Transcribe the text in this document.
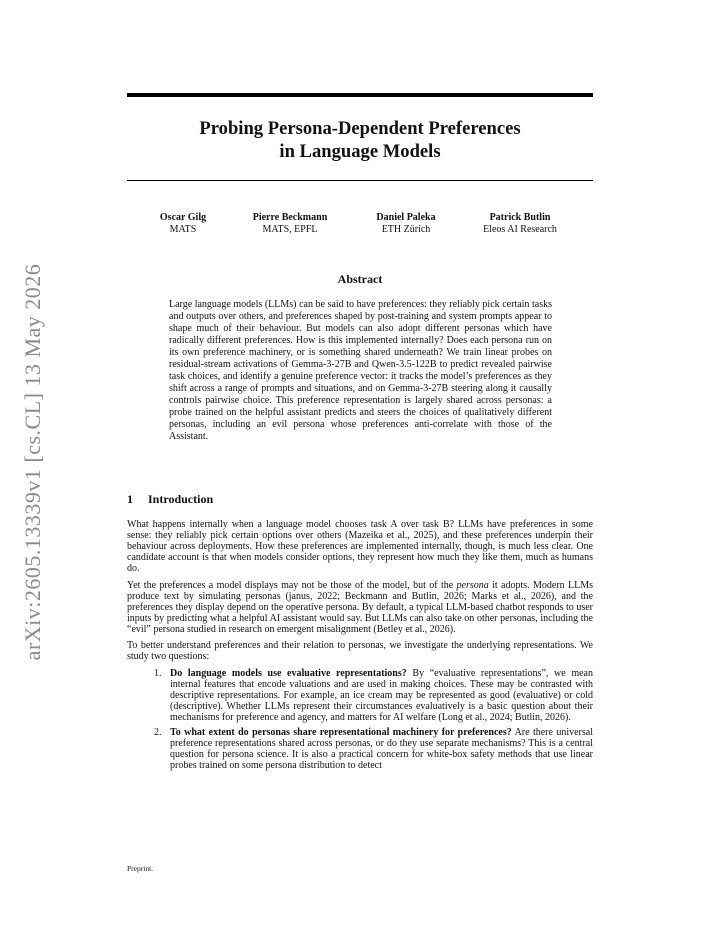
arXiv:2605.13339v1 [cs.CL] 13 May 2026
Probing Persona-Dependent Preferences
in Language Models
Oscar Gilg
MATS
Pierre Beckmann
MATS, EPFL
Daniel Paleka
ETH Zürich
Patrick Butlin
Eleos AI Research
Abstract

Large language models (LLMs) can be said to have preferences: they reliably pick certain tasks and outputs over others, and preferences shaped by post-training and system prompts appear to shape much of their behaviour. But models can also adopt different personas which have radically different preferences. How is this implemented internally? Does each persona run on its own preference machinery, or is something shared underneath? We train linear probes on residual-stream activations of Gemma-3-27B and Qwen-3.5-122B to predict revealed pairwise task choices, and identify a genuine preference vector: it tracks the model’s preferences as they shift across a range of prompts and situations, and on Gemma-3-27B steering along it causally controls pairwise choice. This preference representation is largely shared across personas: a probe trained on the helpful assistant predicts and steers the choices of qualitatively different personas, including an evil persona whose preferences anti-correlate with those of the Assistant.

1 Introduction

What happens internally when a language model chooses task A over task B? LLMs have preferences in some sense: they reliably pick certain options over others (Mazeika et al., 2025), and these preferences underpin their behaviour across deployments. How these preferences are implemented internally, though, is much less clear. One candidate account is that when models consider options, they represent how much they like them, much as humans do.

Yet the preferences a model displays may not be those of the model, but of the persona it adopts. Modern LLMs produce text by simulating personas (janus, 2022; Beckmann and Butlin, 2026; Marks et al., 2026), and the preferences they display depend on the operative persona. By default, a typical LLM-based chatbot responds to user inputs by predicting what a helpful AI assistant would say. But LLMs can also take on other personas, including the “evil” persona studied in research on emergent misalignment (Betley et al., 2026).

To better understand preferences and their relation to personas, we investigate the underlying representations. We study two questions:

1. Do language models use evaluative representations? By “evaluative representations”, we mean internal features that encode valuations and are used in making choices. These may be contrasted with descriptive representations. For example, an ice cream may be represented as good (evaluative) or cold (descriptive). Whether LLMs represent their circumstances evaluatively is a basic question about their mechanisms for preference and agency, and matters for AI welfare (Long et al., 2024; Butlin, 2026).
2. To what extent do personas share representational machinery for preferences? Are there universal preference representations shared across personas, or do they use separate mechanisms? This is a central question for persona science. It is also a practical concern for white-box safety methods that use linear probes trained on some persona distribution to detect
Preprint.
